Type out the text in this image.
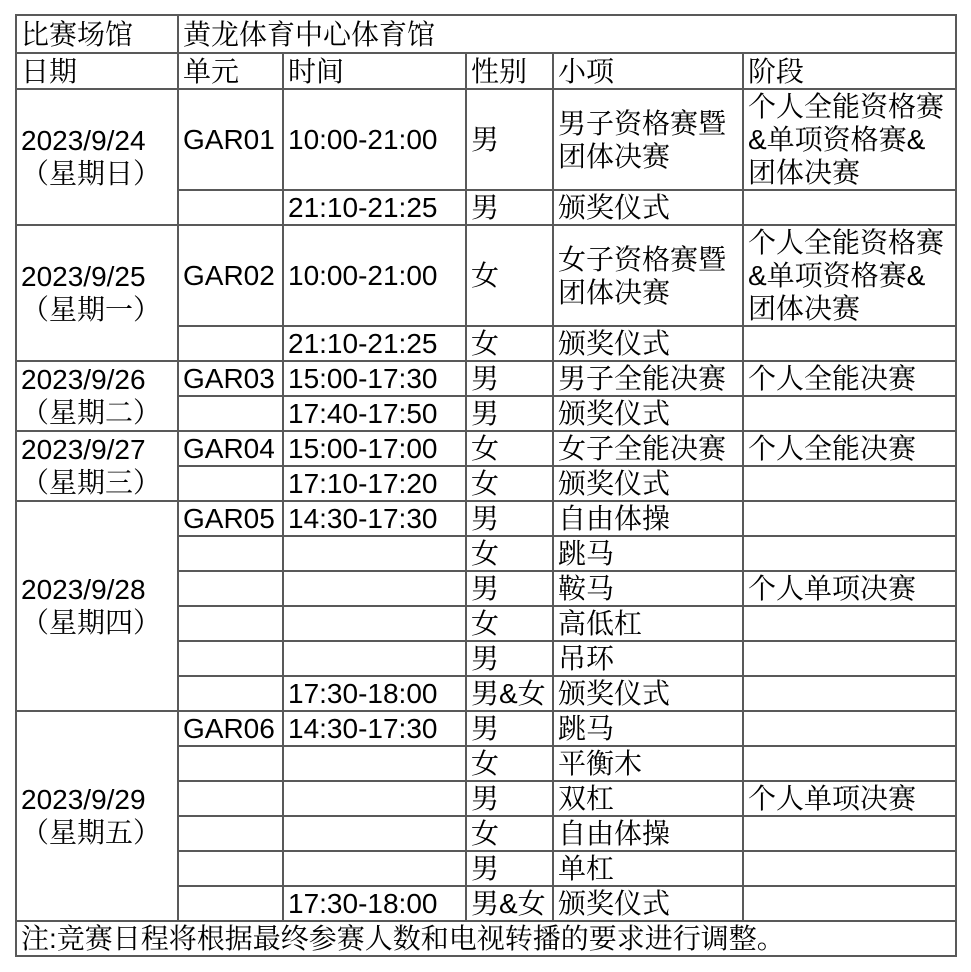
比赛场馆	黄龙体育中心体育馆				
日期	单元	时间	性别	小项	阶段

2023/9/24
（星期日）	GAR01	10:00-21:00	男	男子资格赛暨团体决赛	个人全能资格赛&单项资格赛&团体决赛
		21:10-21:25	男	颁奖仪式	

2023/9/25
（星期一）	GAR02	10:00-21:00	女	女子资格赛暨团体决赛	个人全能资格赛&单项资格赛&团体决赛
		21:10-21:25	女	颁奖仪式	

2023/9/26
（星期二）	GAR03	15:00-17:30	男	男子全能决赛	个人全能决赛
		17:40-17:50	男	颁奖仪式	

2023/9/27
（星期三）	GAR04	15:00-17:00	女	女子全能决赛	个人全能决赛
		17:10-17:20	女	颁奖仪式	

2023/9/28
（星期四）	GAR05	14:30-17:30	男	自由体操	
			女	跳马	
			男	鞍马	个人单项决赛
			女	高低杠	
			男	吊环	
		17:30-18:00	男&女	颁奖仪式	

2023/9/29
（星期五）	GAR06	14:30-17:30	男	跳马	
			女	平衡木	
			男	双杠	个人单项决赛
			女	自由体操	
			男	单杠	
		17:30-18:00	男&女	颁奖仪式	
注:竞赛日程将根据最终参赛人数和电视转播的要求进行调整。					
